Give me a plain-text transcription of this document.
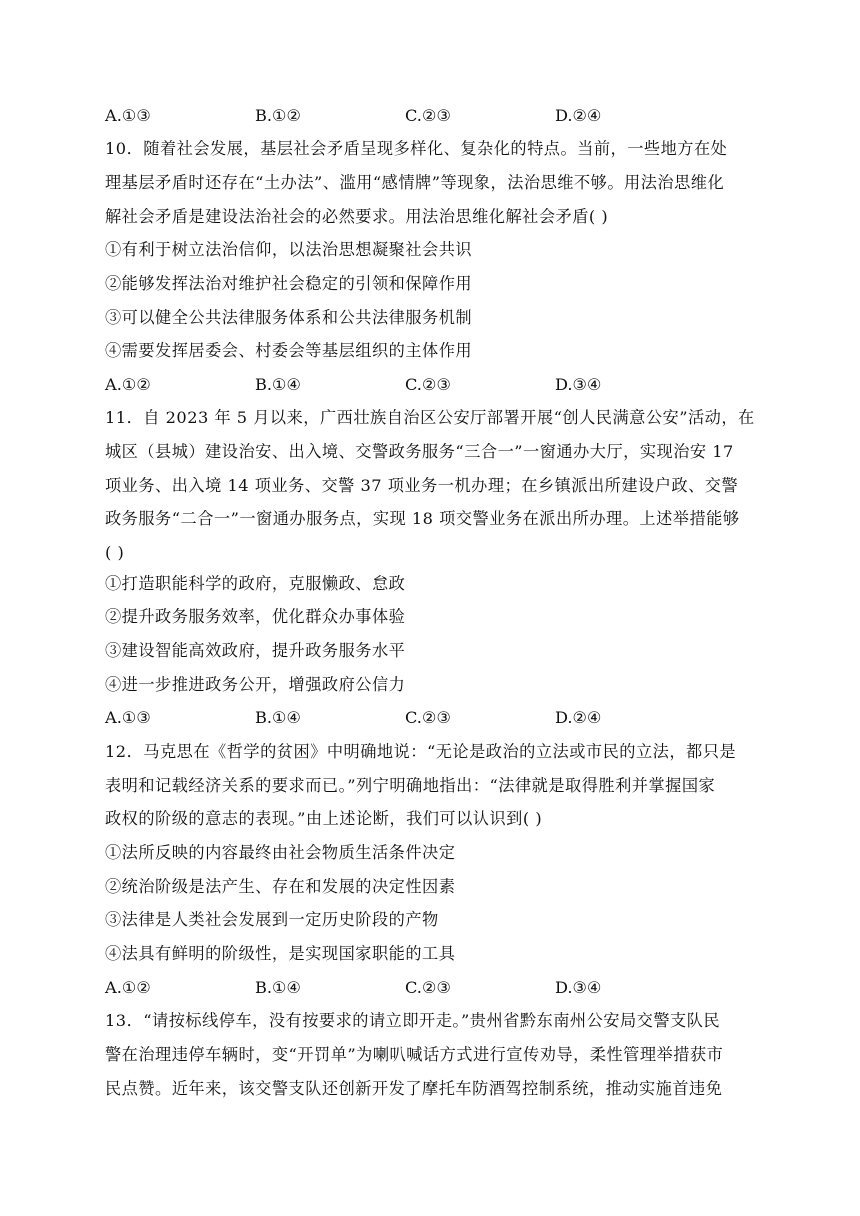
A.①③	B.①②	C.②③	D.②④
10．随着社会发展，基层社会矛盾呈现多样化、复杂化的特点。当前，一些地方在处
理基层矛盾时还存在“土办法”、滥用“感情牌”等现象，法治思维不够。用法治思维化
解社会矛盾是建设法治社会的必然要求。用法治思维化解社会矛盾( )
①有利于树立法治信仰，以法治思想凝聚社会共识
②能够发挥法治对维护社会稳定的引领和保障作用
③可以健全公共法律服务体系和公共法律服务机制
④需要发挥居委会、村委会等基层组织的主体作用
A.①②	B.①④	C.②③	D.③④
11．自 2023 年 5 月以来，广西壮族自治区公安厅部署开展“创人民满意公安”活动，在
城区（县城）建设治安、出入境、交警政务服务“三合一”一窗通办大厅，实现治安 17
项业务、出入境 14 项业务、交警 37 项业务一机办理；在乡镇派出所建设户政、交警
政务服务“二合一”一窗通办服务点，实现 18 项交警业务在派出所办理。上述举措能够
( )
①打造职能科学的政府，克服懒政、怠政
②提升政务服务效率，优化群众办事体验
③建设智能高效政府，提升政务服务水平
④进一步推进政务公开，增强政府公信力
A.①③	B.①④	C.②③	D.②④
12．马克思在《哲学的贫困》中明确地说：“无论是政治的立法或市民的立法，都只是
表明和记载经济关系的要求而已。”列宁明确地指出：“法律就是取得胜利并掌握国家
政权的阶级的意志的表现。”由上述论断，我们可以认识到( )
①法所反映的内容最终由社会物质生活条件决定
②统治阶级是法产生、存在和发展的决定性因素
③法律是人类社会发展到一定历史阶段的产物
④法具有鲜明的阶级性，是实现国家职能的工具
A.①②	B.①④	C.②③	D.③④
13．“请按标线停车，没有按要求的请立即开走。”贵州省黔东南州公安局交警支队民
警在治理违停车辆时，变“开罚单”为喇叭喊话方式进行宣传劝导，柔性管理举措获市
民点赞。近年来，该交警支队还创新开发了摩托车防酒驾控制系统，推动实施首违免
